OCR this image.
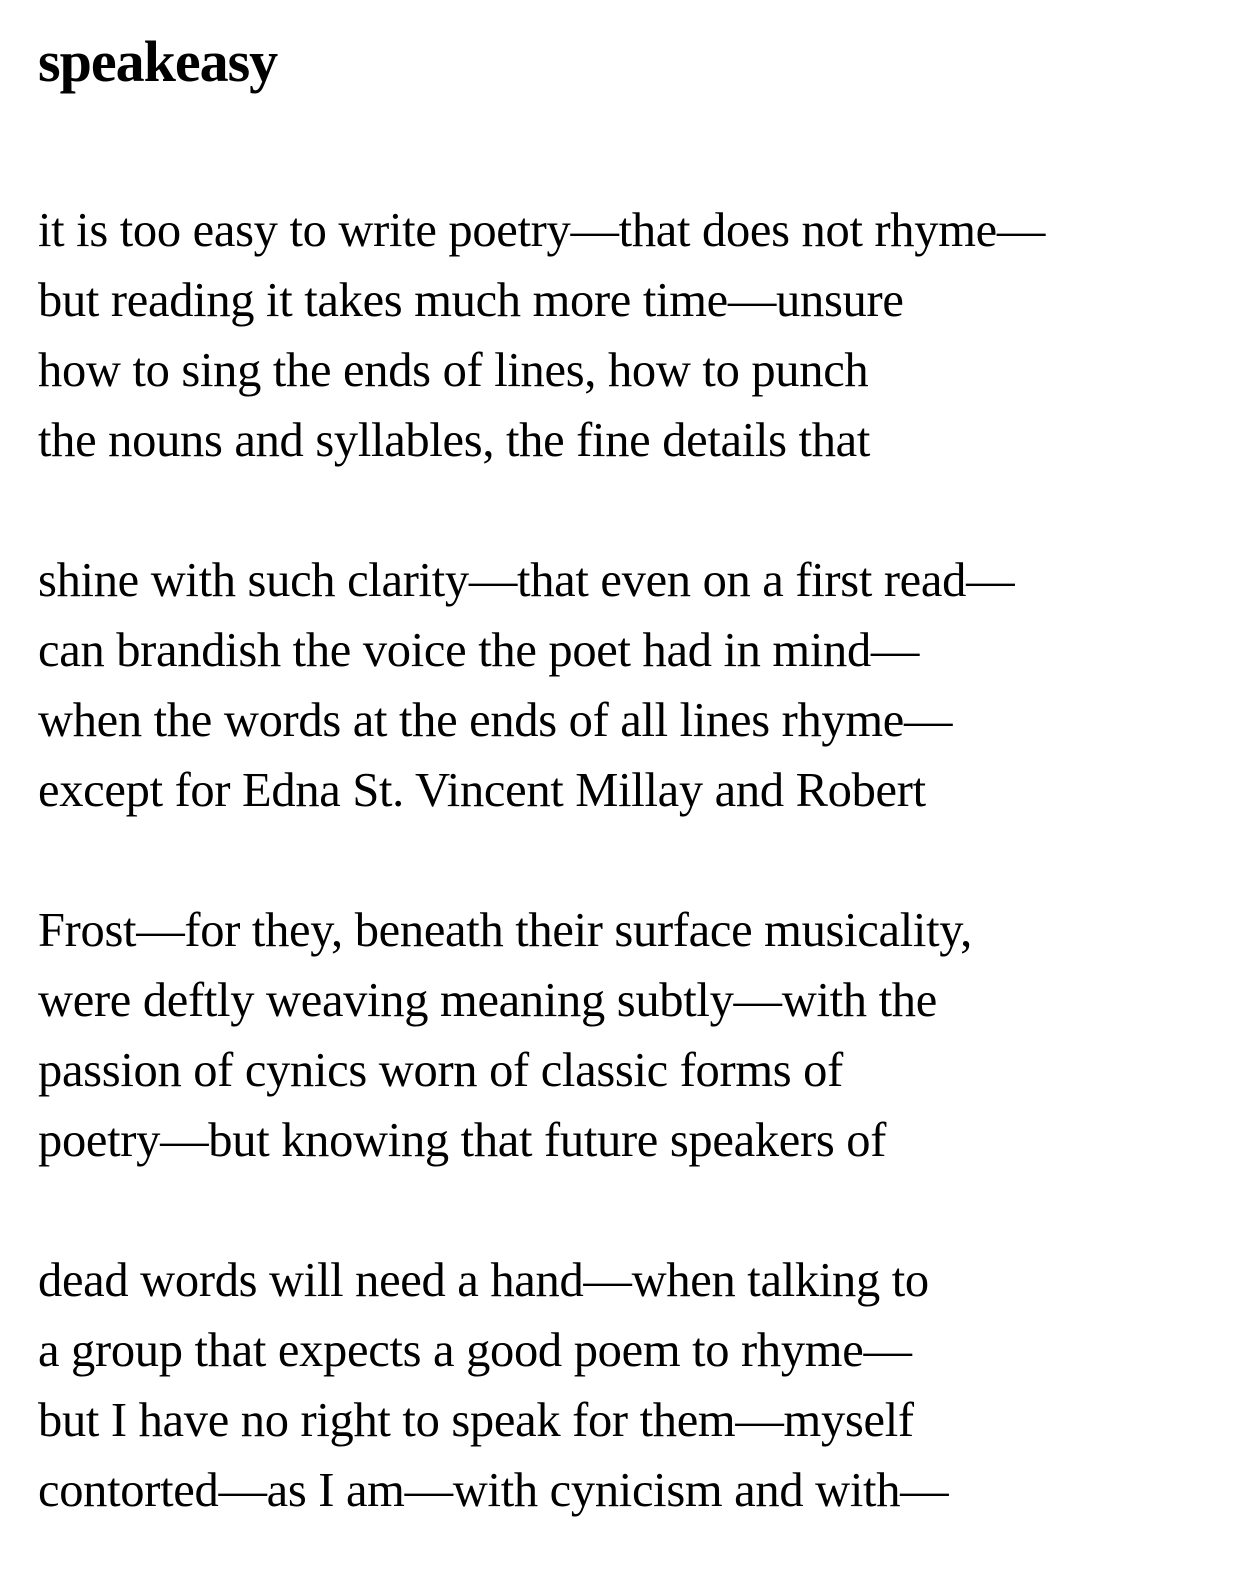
speakeasy
it is too easy to write poetry—that does not rhyme—
but reading it takes much more time—unsure
how to sing the ends of lines, how to punch
the nouns and syllables, the fine details that
shine with such clarity—that even on a first read—
can brandish the voice the poet had in mind—
when the words at the ends of all lines rhyme—
except for Edna St. Vincent Millay and Robert
Frost—for they, beneath their surface musicality,
were deftly weaving meaning subtly—with the
passion of cynics worn of classic forms of
poetry—but knowing that future speakers of
dead words will need a hand—when talking to
a group that expects a good poem to rhyme—
but I have no right to speak for them—myself
contorted—as I am—with cynicism and with—
